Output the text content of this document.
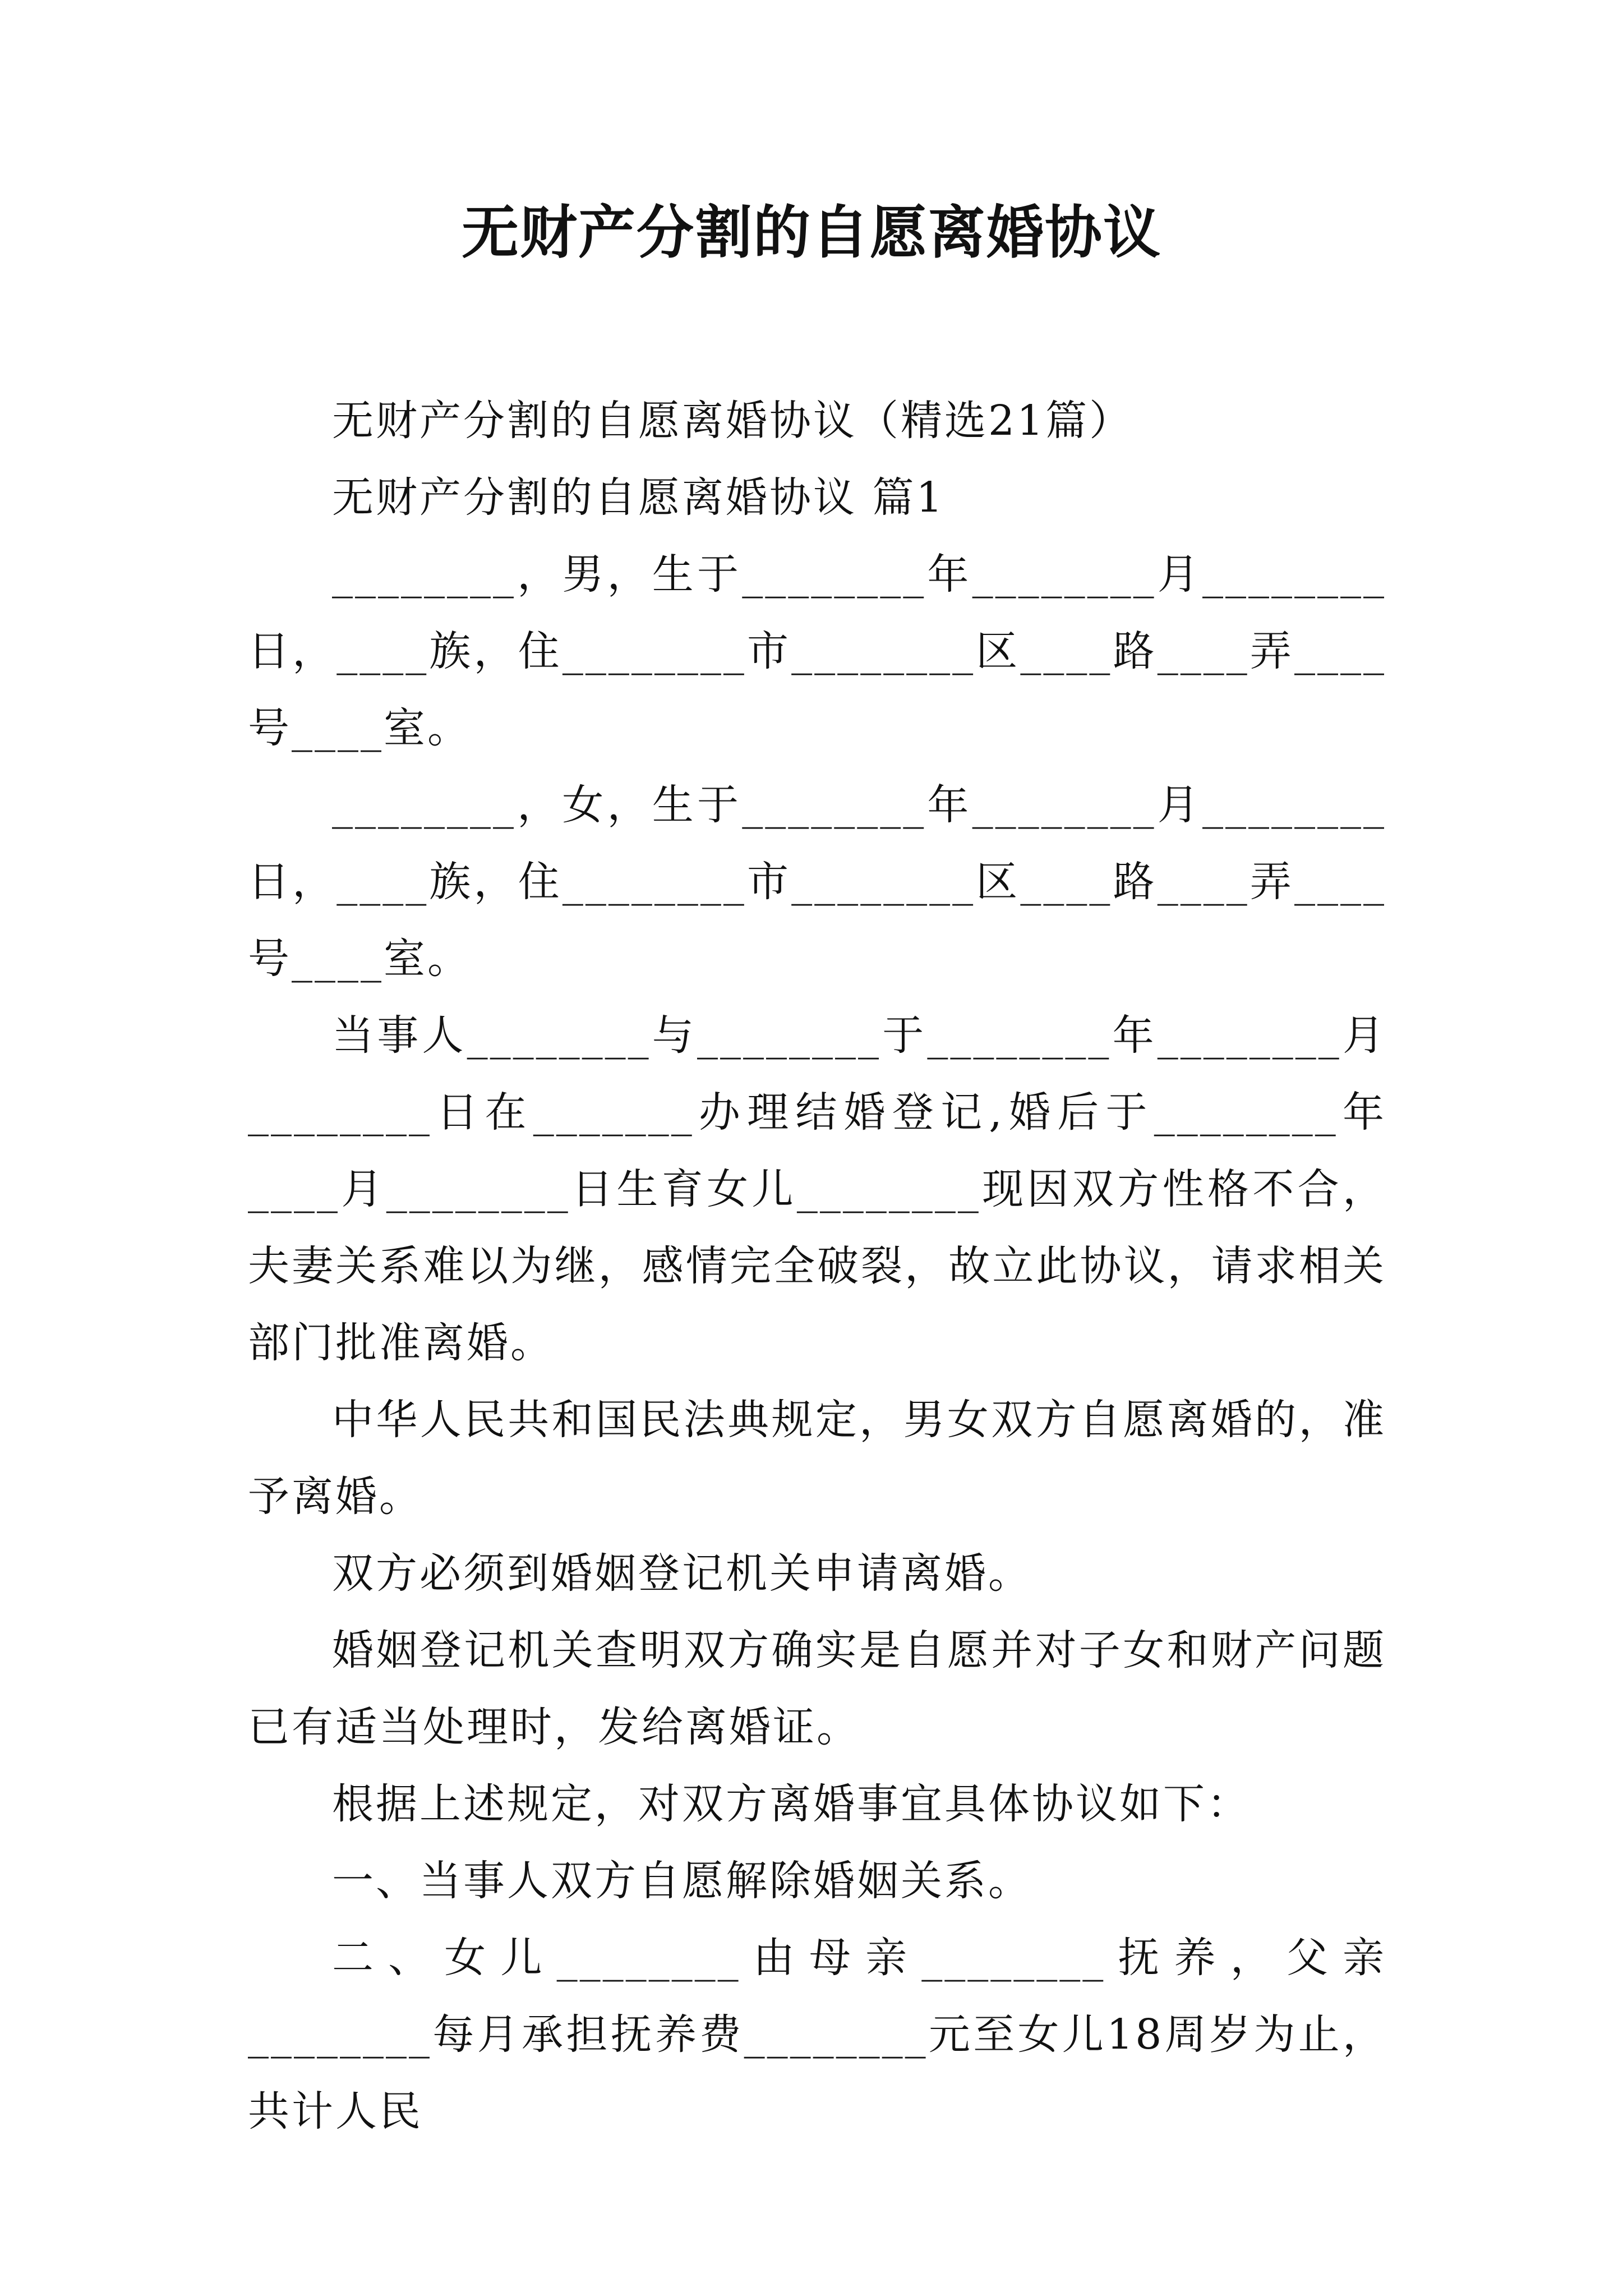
无财产分割的自愿离婚协议

无财产分割的自愿离婚协议（精选21篇）

无财产分割的自愿离婚协议 篇1

________，男，生于________年________月________日，____族，住________市________区____路____弄____号____室。

________，女，生于________年________月________日，____族，住________市________区____路____弄____号____室。

当事人________与________于________年________月________日在_______办理结婚登记,婚后于________年____月________日生育女儿________现因双方性格不合，夫妻关系难以为继，感情完全破裂，故立此协议，请求相关部门批准离婚。

中华人民共和国民法典规定，男女双方自愿离婚的，准予离婚。

双方必须到婚姻登记机关申请离婚。

婚姻登记机关查明双方确实是自愿并对子女和财产问题已有适当处理时，发给离婚证。

根据上述规定，对双方离婚事宜具体协议如下：

一、当事人双方自愿解除婚姻关系。

二、女儿________由母亲________抚养，父亲________每月承担抚养费________元至女儿18周岁为止，共计人民
